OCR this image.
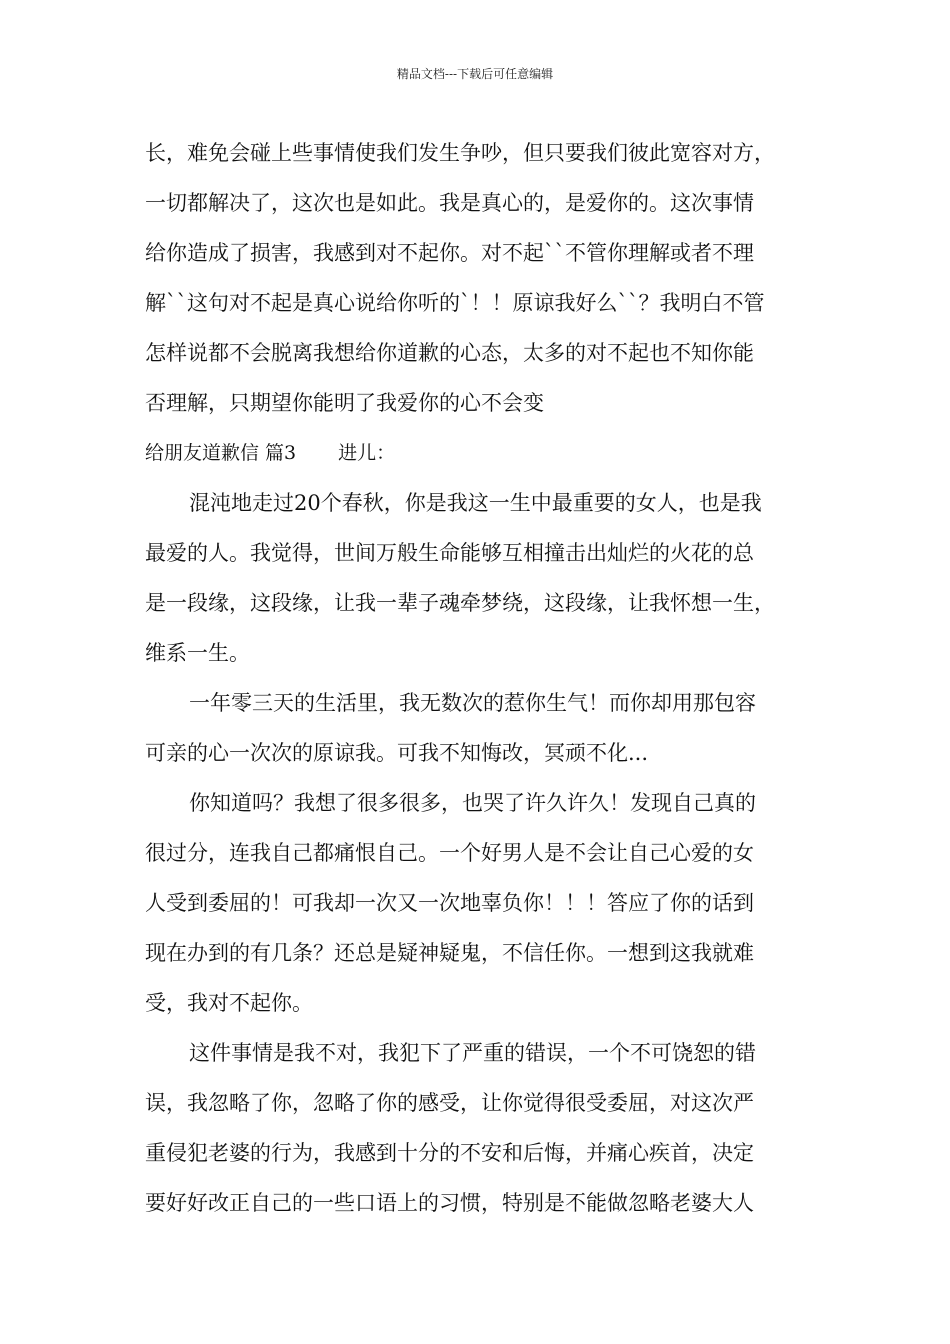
精品文档---下载后可任意编辑
长，难免会碰上些事情使我们发生争吵，但只要我们彼此宽容对方，
一切都解决了，这次也是如此。我是真心的，是爱你的。这次事情
给你造成了损害，我感到对不起你。对不起``不管你理解或者不理
解``这句对不起是真心说给你听的`！！原谅我好么``？我明白不管
怎样说都不会脱离我想给你道歉的心态，太多的对不起也不知你能
否理解，只期望你能明了我爱你的心不会变
给朋友道歉信 篇3 进儿：
混沌地走过20个春秋，你是我这一生中最重要的女人，也是我
最爱的人。我觉得，世间万般生命能够互相撞击出灿烂的火花的总
是一段缘，这段缘，让我一辈子魂牵梦绕，这段缘，让我怀想一生，
维系一生。
一年零三天的生活里，我无数次的惹你生气！而你却用那包容
可亲的心一次次的原谅我。可我不知悔改，冥顽不化...
你知道吗？我想了很多很多，也哭了许久许久！发现自己真的
很过分，连我自己都痛恨自己。一个好男人是不会让自己心爱的女
人受到委屈的！可我却一次又一次地辜负你！！！答应了你的话到
现在办到的有几条？还总是疑神疑鬼，不信任你。一想到这我就难
受，我对不起你。
这件事情是我不对，我犯下了严重的错误，一个不可饶恕的错
误，我忽略了你，忽略了你的感受，让你觉得很受委屈，对这次严
重侵犯老婆的行为，我感到十分的不安和后悔，并痛心疾首，决定
要好好改正自己的一些口语上的习惯，特别是不能做忽略老婆大人
